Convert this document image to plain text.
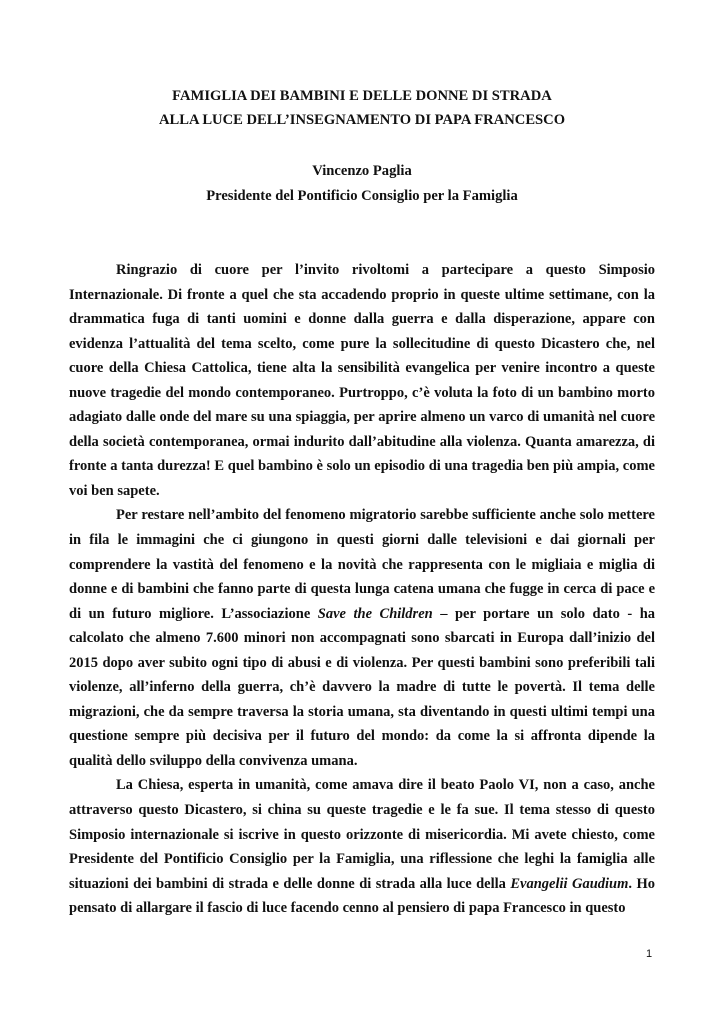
FAMIGLIA DEI BAMBINI E DELLE DONNE DI STRADA
ALLA LUCE DELL’INSEGNAMENTO DI PAPA FRANCESCO
Vincenzo Paglia
Presidente del Pontificio Consiglio per la Famiglia

Ringrazio di cuore per l’invito rivoltomi a partecipare a questo Simposio Internazionale. Di fronte a quel che sta accadendo proprio in queste ultime settimane, con la drammatica fuga di tanti uomini e donne dalla guerra e dalla disperazione, appare con evidenza l’attualità del tema scelto, come pure la sollecitudine di questo Dicastero che, nel cuore della Chiesa Cattolica, tiene alta la sensibilità evangelica per venire incontro a queste nuove tragedie del mondo contemporaneo. Purtroppo, c’è voluta la foto di un bambino morto adagiato dalle onde del mare su una spiaggia, per aprire almeno un varco di umanità nel cuore della società contemporanea, ormai indurito dall’abitudine alla violenza. Quanta amarezza, di fronte a tanta durezza! E quel bambino è solo un episodio di una tragedia ben più ampia, come voi ben sapete.

Per restare nell’ambito del fenomeno migratorio sarebbe sufficiente anche solo mettere in fila le immagini che ci giungono in questi giorni dalle televisioni e dai giornali per comprendere la vastità del fenomeno e la novità che rappresenta con le migliaia e miglia di donne e di bambini che fanno parte di questa lunga catena umana che fugge in cerca di pace e di un futuro migliore. L’associazione Save the Children – per portare un solo dato - ha calcolato che almeno 7.600 minori non accompagnati sono sbarcati in Europa dall’inizio del 2015 dopo aver subito ogni tipo di abusi e di violenza. Per questi bambini sono preferibili tali violenze, all’inferno della guerra, ch’è davvero la madre di tutte le povertà. Il tema delle migrazioni, che da sempre traversa la storia umana, sta diventando in questi ultimi tempi una questione sempre più decisiva per il futuro del mondo: da come la si affronta dipende la qualità dello sviluppo della convivenza umana.

La Chiesa, esperta in umanità, come amava dire il beato Paolo VI, non a caso, anche attraverso questo Dicastero, si china su queste tragedie e le fa sue. Il tema stesso di questo Simposio internazionale si iscrive in questo orizzonte di misericordia. Mi avete chiesto, come Presidente del Pontificio Consiglio per la Famiglia, una riflessione che leghi la famiglia alle situazioni dei bambini di strada e delle donne di strada alla luce della Evangelii Gaudium. Ho pensato di allargare il fascio di luce facendo cenno al pensiero di papa Francesco in questo

1
